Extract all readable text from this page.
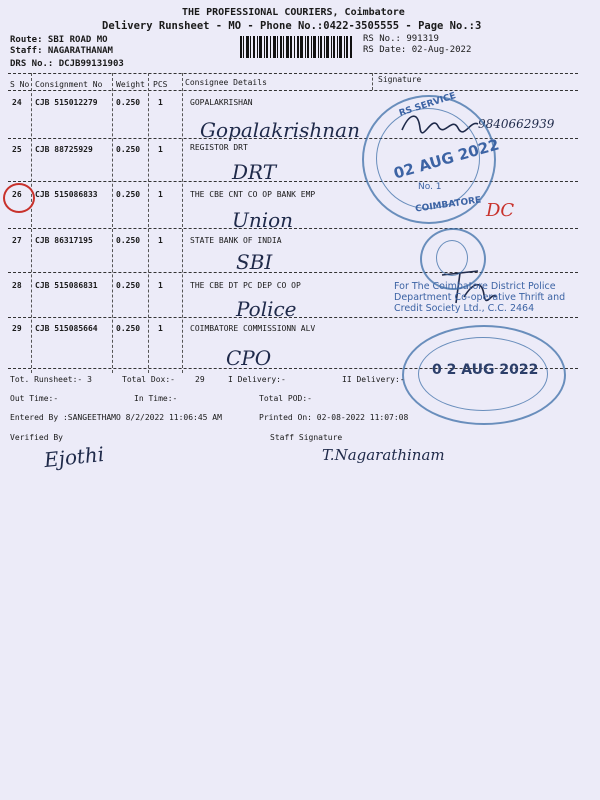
THE PROFESSIONAL COURIERS, Coimbatore
Delivery Runsheet - MO - Phone No.:0422-3505555 - Page No.:3
Route: SBI ROAD MO
Staff: NAGARATHANAM
DRS No.: DCJB99131903
RS No.: 991319
RS Date: 02-Aug-2022
S No Consignment No Weight PCS Consignee Details	Signature
24 CJB 515012279 0.250 1	GOPALAKRISHAN
Gopalakrishnan
25 CJB 88725929	0.250 1	REGISTOR DRT
DRT
26 CJB 515086833 0.250 1	THE CBE CNT CO OP BANK EMP
Union
27 CJB 86317195	0.250 1	STATE BANK OF INDIA
SBI
28 CJB 515086831 0.250 1	THE CBE DT PC DEP CO OP
Police
29 CJB 515085664 0.250 1	COIMBATORE COMMISSIONN ALV
CPO
9840662939
DC
RS SERVICE
02 AUG 2022
No. 1
COIMBATORE
For The Coimbatore District Police Department Co-operative Thrift and Credit Society Ltd., C.C. 2464
0 2 AUG 2022
Tot. Runsheet:- 3	Total Dox:-	29	I Delivery:-	II Delivery:-
Out Time:-	In Time:-	Total POD:-
Entered By :SANGEETHAMO 8/2/2022 11:06:45 AM	Printed On: 02-08-2022 11:07:08
Verified By	Staff Signature
Ejothi	T.Nagarathinam
